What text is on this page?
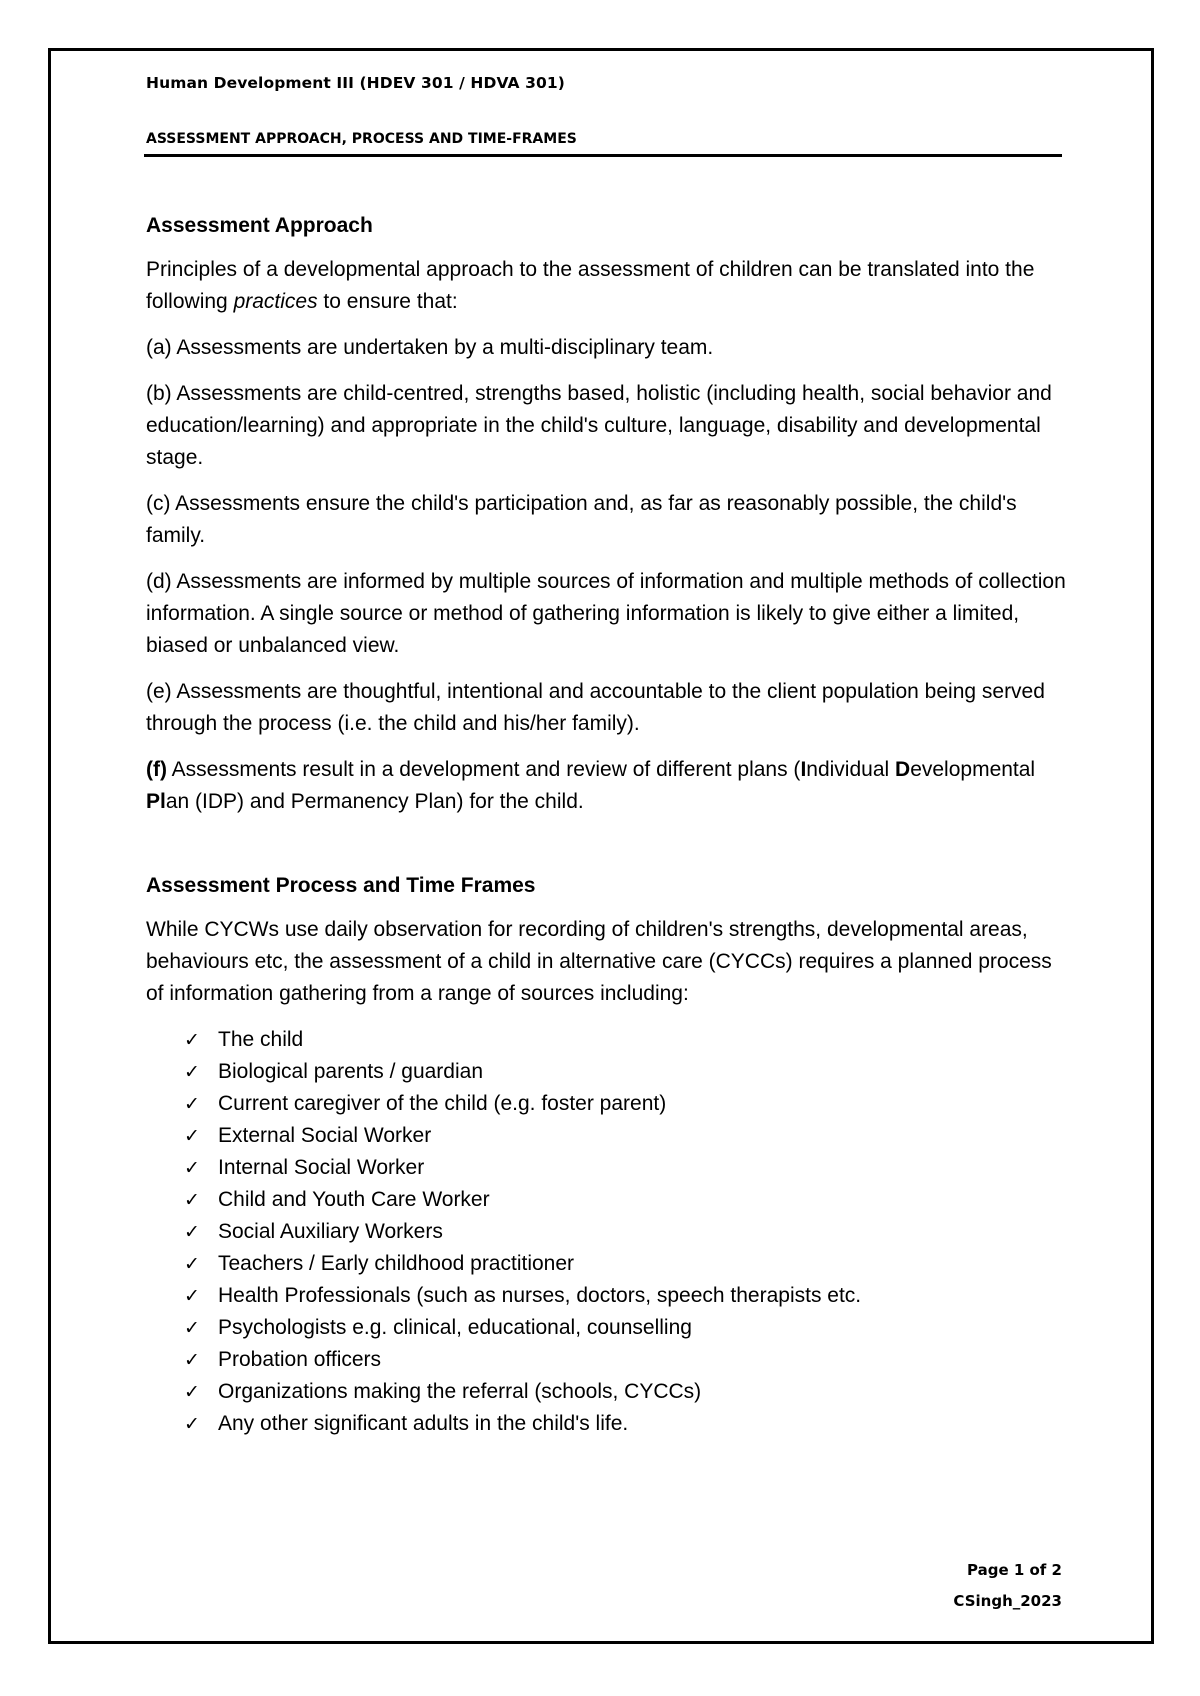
Human Development III (HDEV 301 / HDVA 301)
ASSESSMENT APPROACH, PROCESS AND TIME-FRAMES
Assessment Approach

Principles of a developmental approach to the assessment of children can be translated into the following practices to ensure that:

(a) Assessments are undertaken by a multi-disciplinary team.

(b) Assessments are child-centred, strengths based, holistic (including health, social behavior and education/learning) and appropriate in the child's culture, language, disability and developmental stage.

(c) Assessments ensure the child's participation and, as far as reasonably possible, the child's family.

(d) Assessments are informed by multiple sources of information and multiple methods of collection information. A single source or method of gathering information is likely to give either a limited, biased or unbalanced view.

(e) Assessments are thoughtful, intentional and accountable to the client population being served through the process (i.e. the child and his/her family).

(f) Assessments result in a development and review of different plans (Individual Developmental Plan (IDP) and Permanency Plan) for the child.

Assessment Process and Time Frames

While CYCWs use daily observation for recording of children's strengths, developmental areas, behaviours etc, the assessment of a child in alternative care (CYCCs) requires a planned process of information gathering from a range of sources including:

✓ The child
✓ Biological parents / guardian
✓ Current caregiver of the child (e.g. foster parent)
✓ External Social Worker
✓ Internal Social Worker
✓ Child and Youth Care Worker
✓ Social Auxiliary Workers
✓ Teachers / Early childhood practitioner
✓ Health Professionals (such as nurses, doctors, speech therapists etc.
✓ Psychologists e.g. clinical, educational, counselling
✓ Probation officers
✓ Organizations making the referral (schools, CYCCs)
✓ Any other significant adults in the child's life.
Page 1 of 2
CSingh_2023
